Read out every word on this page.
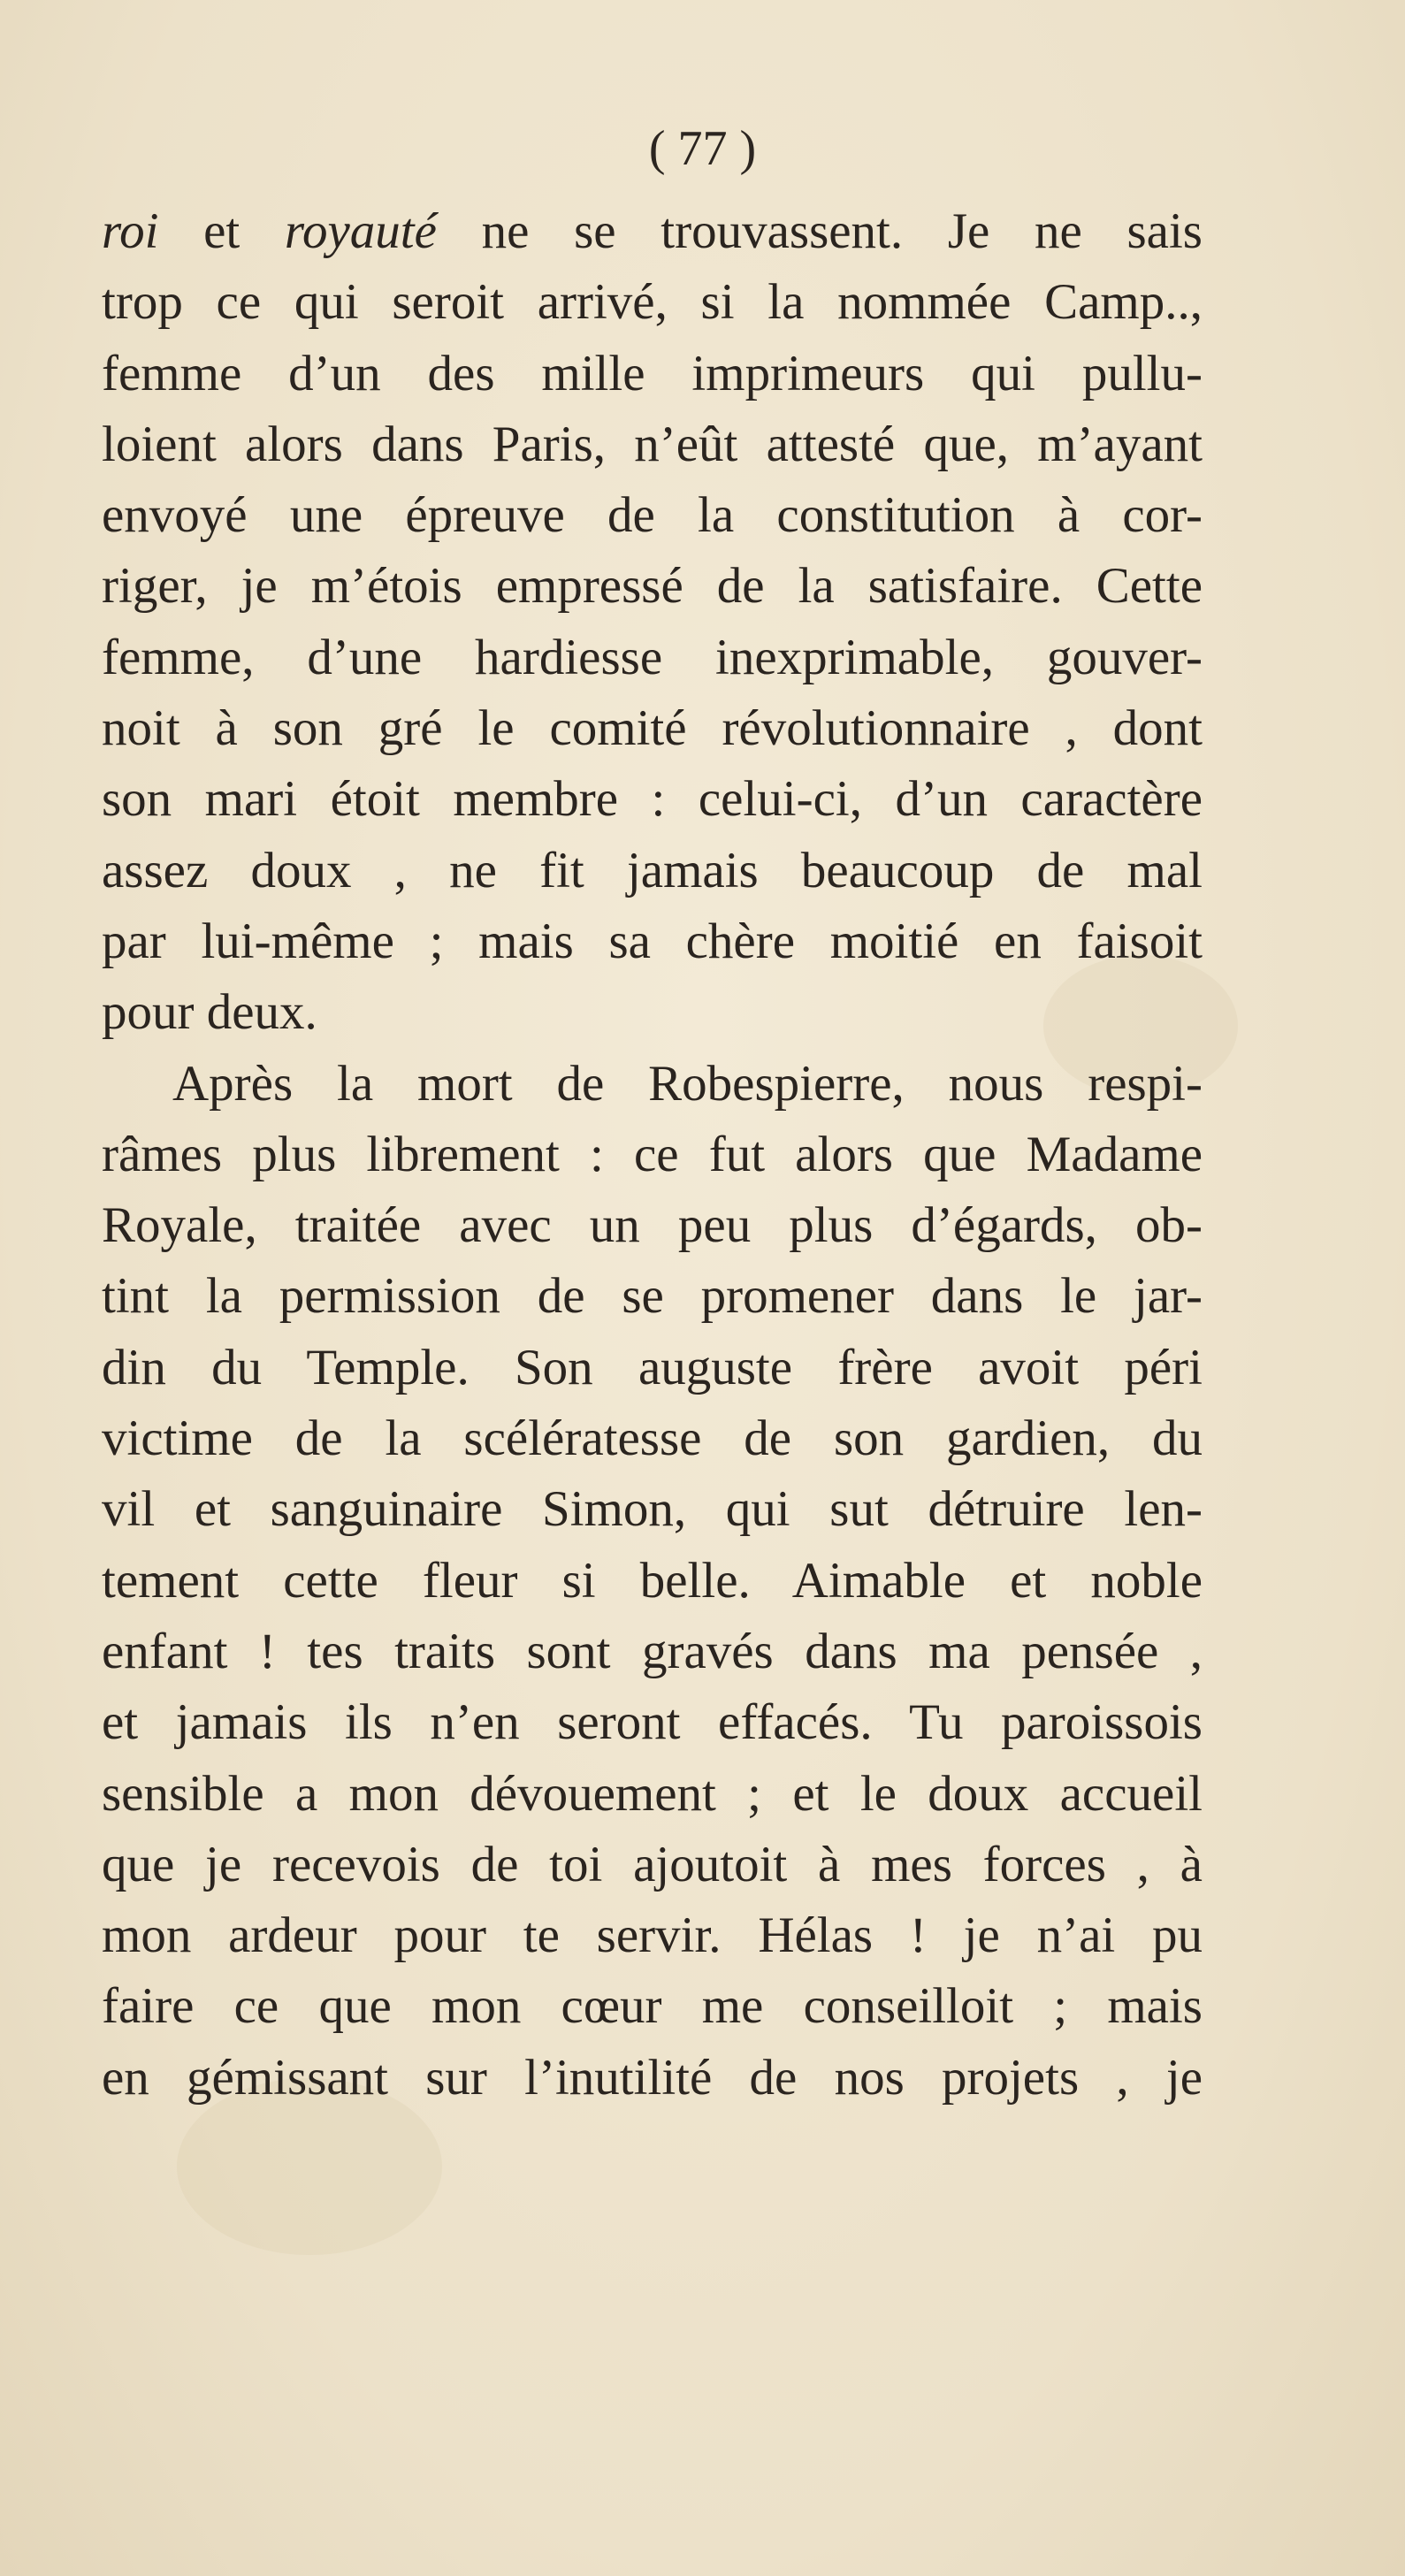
( 77 )
roi et royauté ne se trouvassent. Je ne sais
trop ce qui seroit arrivé, si la nommée Camp..,
femme d’un des mille imprimeurs qui pullu-
loient alors dans Paris, n’eût attesté que, m’ayant
envoyé une épreuve de la constitution à cor-
riger, je m’étois empressé de la satisfaire. Cette
femme, d’une hardiesse inexprimable, gouver-
noit à son gré le comité révolutionnaire , dont
son mari étoit membre : celui-ci, d’un caractère
assez doux , ne fit jamais beaucoup de mal
par lui-même ; mais sa chère moitié en faisoit
pour deux.
Après la mort de Robespierre, nous respi-
râmes plus librement : ce fut alors que Madame
Royale, traitée avec un peu plus d’égards, ob-
tint la permission de se promener dans le jar-
din du Temple. Son auguste frère avoit péri
victime de la scélératesse de son gardien, du
vil et sanguinaire Simon, qui sut détruire len-
tement cette fleur si belle. Aimable et noble
enfant ! tes traits sont gravés dans ma pensée ,
et jamais ils n’en seront effacés. Tu paroissois
sensible a mon dévouement ; et le doux accueil
que je recevois de toi ajoutoit à mes forces , à
mon ardeur pour te servir. Hélas ! je n’ai pu
faire ce que mon cœur me conseilloit ; mais
en gémissant sur l’inutilité de nos projets , je
